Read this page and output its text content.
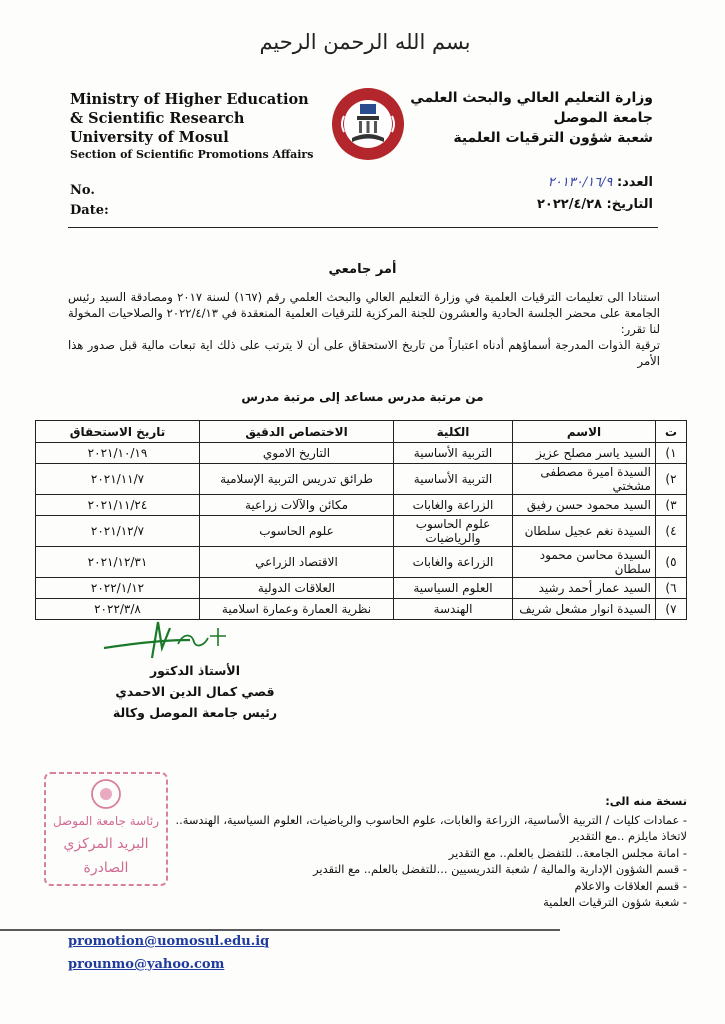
بسم الله الرحمن الرحيم
Ministry of Higher Education
& Scientific Research
University of Mosul
Section of Scientific Promotions Affairs
وزارة التعليم العالي والبحث العلمي
جامعة الموصل
شعبة شؤون الترقيات العلمية
No.
Date:
العدد: ٢٠١٣٠/١٦/٩
التاريخ: ٢٠٢٢/٤/٢٨
أمر جامعي

استنادا الى تعليمات الترقيات العلمية في وزارة التعليم العالي والبحث العلمي رقم (١٦٧) لسنة ٢٠١٧ ومصادقة السيد رئيس الجامعة على محضر الجلسة الحادية والعشرون للجنة المركزية للترقيات العلمية المنعقدة في ٢٠٢٢/٤/١٣ والصلاحيات المخولة لنا تقرر:

ترقية الذوات المدرجة أسماؤهم أدناه اعتباراً من تاريخ الاستحقاق على أن لا يترتب على ذلك اية تبعات مالية قبل صدور هذا الأمر

من مرتبة مدرس مساعد إلى مرتبة مدرس
ت	الاسم	الكلية	الاختصاص الدقيق	تاريخ الاستحقاق
١)	السيد ياسر مصلح عزيز	التربية الأساسية	التاريخ الاموي	٢٠٢١/١٠/١٩
٢)	السيدة اميرة مصطفى مشختي	التربية الأساسية	طرائق تدريس التربية الإسلامية	٢٠٢١/١١/٧
٣)	السيد محمود حسن رفيق	الزراعة والغابات	مكائن والآلات زراعية	٢٠٢١/١١/٢٤
٤)	السيدة نغم عجيل سلطان	علوم الحاسوب والرياضيات	علوم الحاسوب	٢٠٢١/١٢/٧
٥)	السيدة محاسن محمود سلطان	الزراعة والغابات	الاقتصاد الزراعي	٢٠٢١/١٢/٣١
٦)	السيد عمار أحمد رشيد	العلوم السياسية	العلاقات الدولية	٢٠٢٢/١/١٢
٧)	السيدة انوار مشعل شريف	الهندسة	نظرية العمارة وعمارة اسلامية	٢٠٢٢/٣/٨
الأستاذ الدكتور
قصي كمال الدين الاحمدي
رئيس جامعة الموصل وكالة
رئاسة جامعة الموصل
البريد المركزي
الصادرة
نسخة منه الى:
- عمادات كليات / التربية الأساسية، الزراعة والغابات، علوم الحاسوب والرياضيات، العلوم السياسية، الهندسة.. لاتخاذ مايلزم ..مع التقدير
- امانة مجلس الجامعة.. للتفضل بالعلم.. مع التقدير
- قسم الشؤون الإدارية والمالية / شعبة التدريسيين ...للتفضل بالعلم.. مع التقدير
- قسم العلاقات والاعلام
- شعبة شؤون الترقيات العلمية
promotion@uomosul.edu.iq
prounmo@yahoo.com
